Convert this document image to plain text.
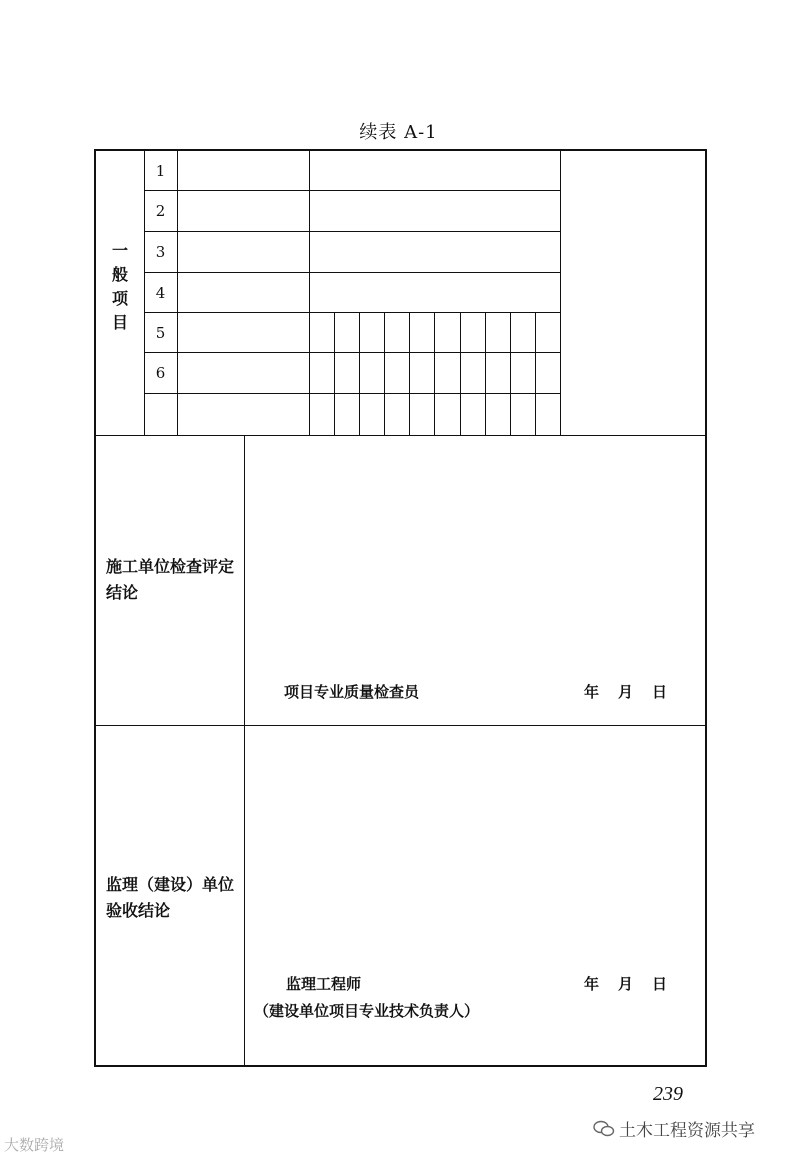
续表 A-1
一
般
项
目
1
2
3
4
5
6
施工单位检查评定结论
项目专业质量检查员	年 月 日
监理（建设）单位验收结论
监理工程师
（建设单位项目专业技术负责人）
年 月 日
239
土木工程资源共享
大数跨境
